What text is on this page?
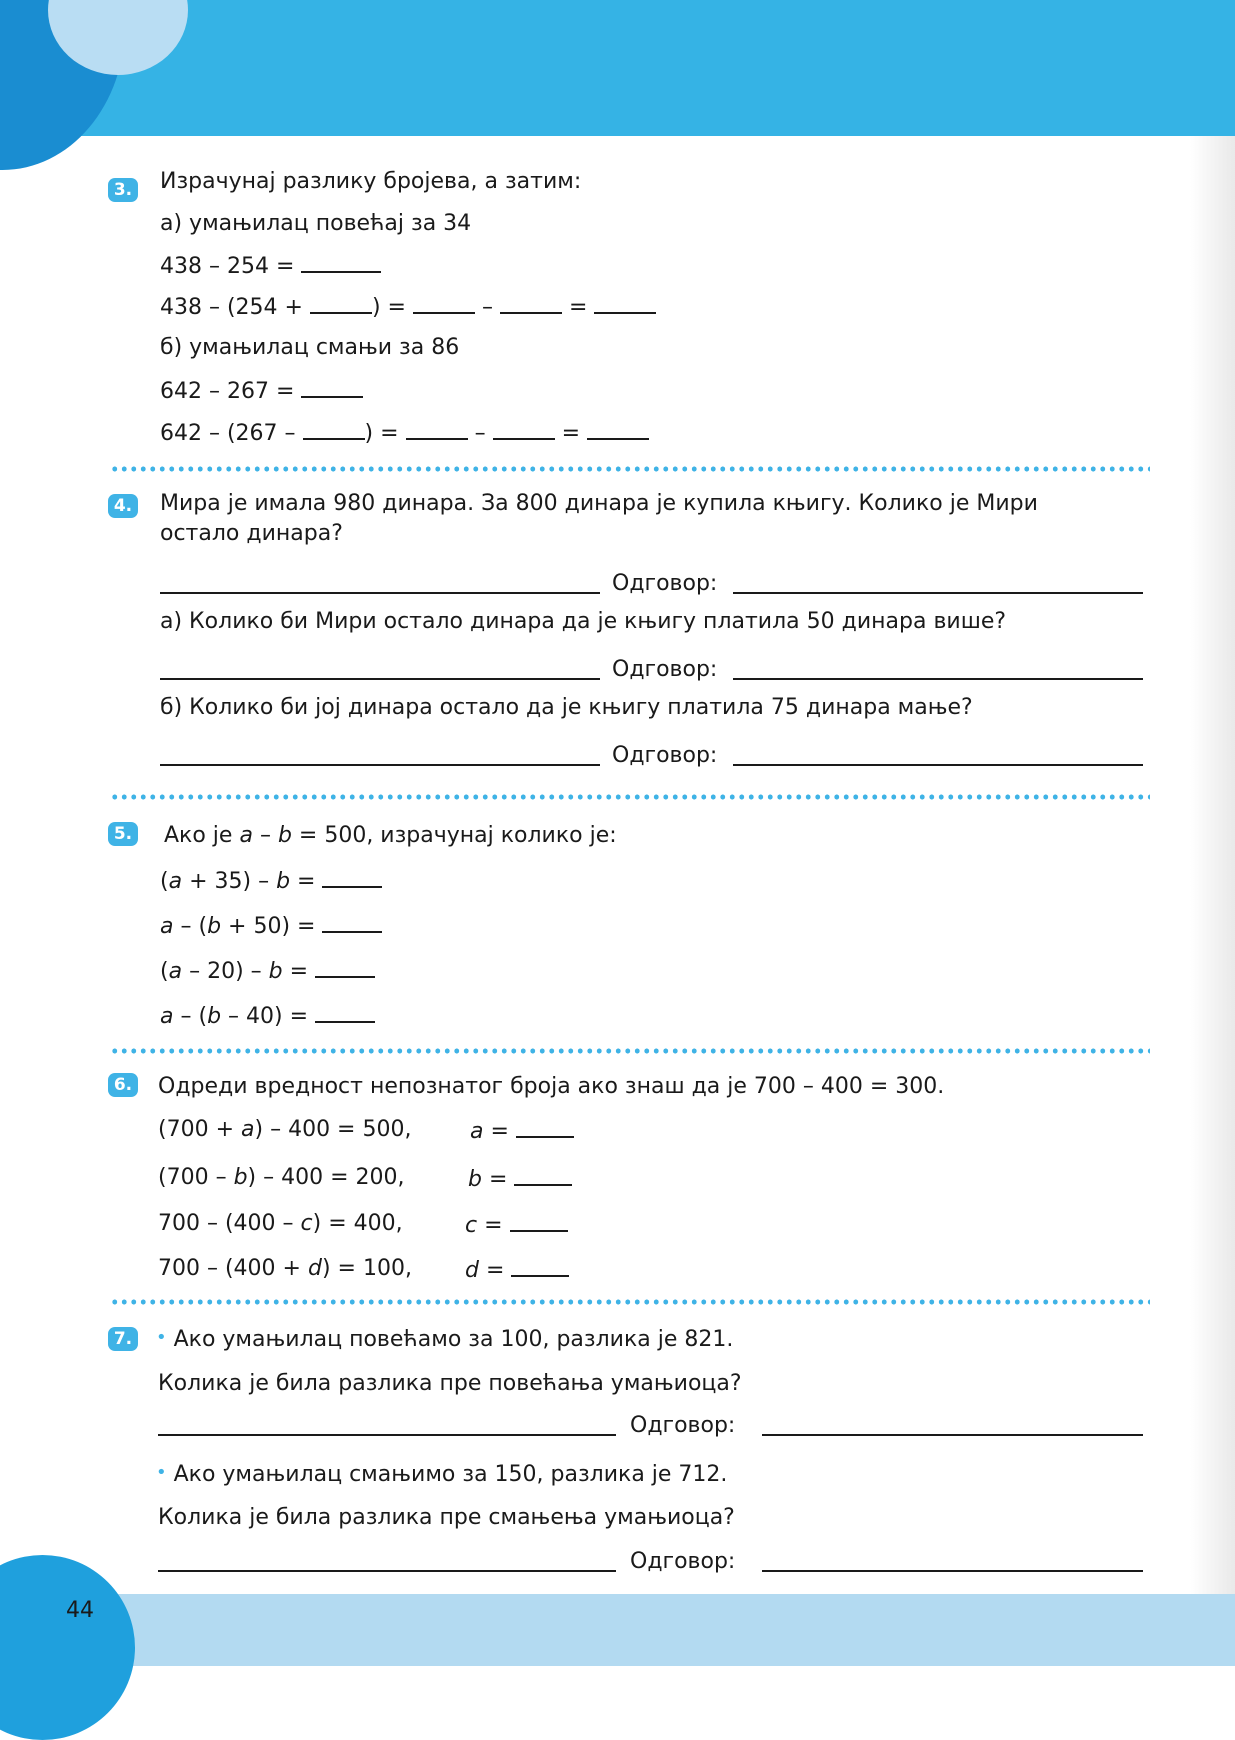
44
3. Израчунај разлику бројева, а затим:
а) умањилац повећај за 34
438 – 254 =
438 – (254 +	) =	–	=
б) умањилац смањи за 86
642 – 267 =
642 – (267 –	) =	–	=
4. Мира је имала 980 динара. За 800 динара је купила књигу. Колико је Мири
остало динара?
Одговор:
а) Колико би Мири остало динара да је књигу платила 50 динара више?
Одговор:
б) Колико би јој динара остало да је књигу платила 75 динара мање?
Одговор:
5. Ако је a – b = 500, израчунај колико је:
(a + 35) – b =
a – (b + 50) =
(a – 20) – b =
a – (b – 40) =
6. Одреди вредност непознатог броја ако знаш да је 700 – 400 = 300.
(700 + a) – 400 = 500,	a =
(700 – b) – 400 = 200,	b =
700 – (400 – c) = 400,	c =
700 – (400 + d) = 100, d =
7.	• Ако умањилац повећамо за 100, разлика је 821.
Колика је била разлика пре повећања умањиоца?
Одговор:
• Ако умањилац смањимо за 150, разлика је 712.
Колика је била разлика пре смањења умањиоца?
Одговор:
